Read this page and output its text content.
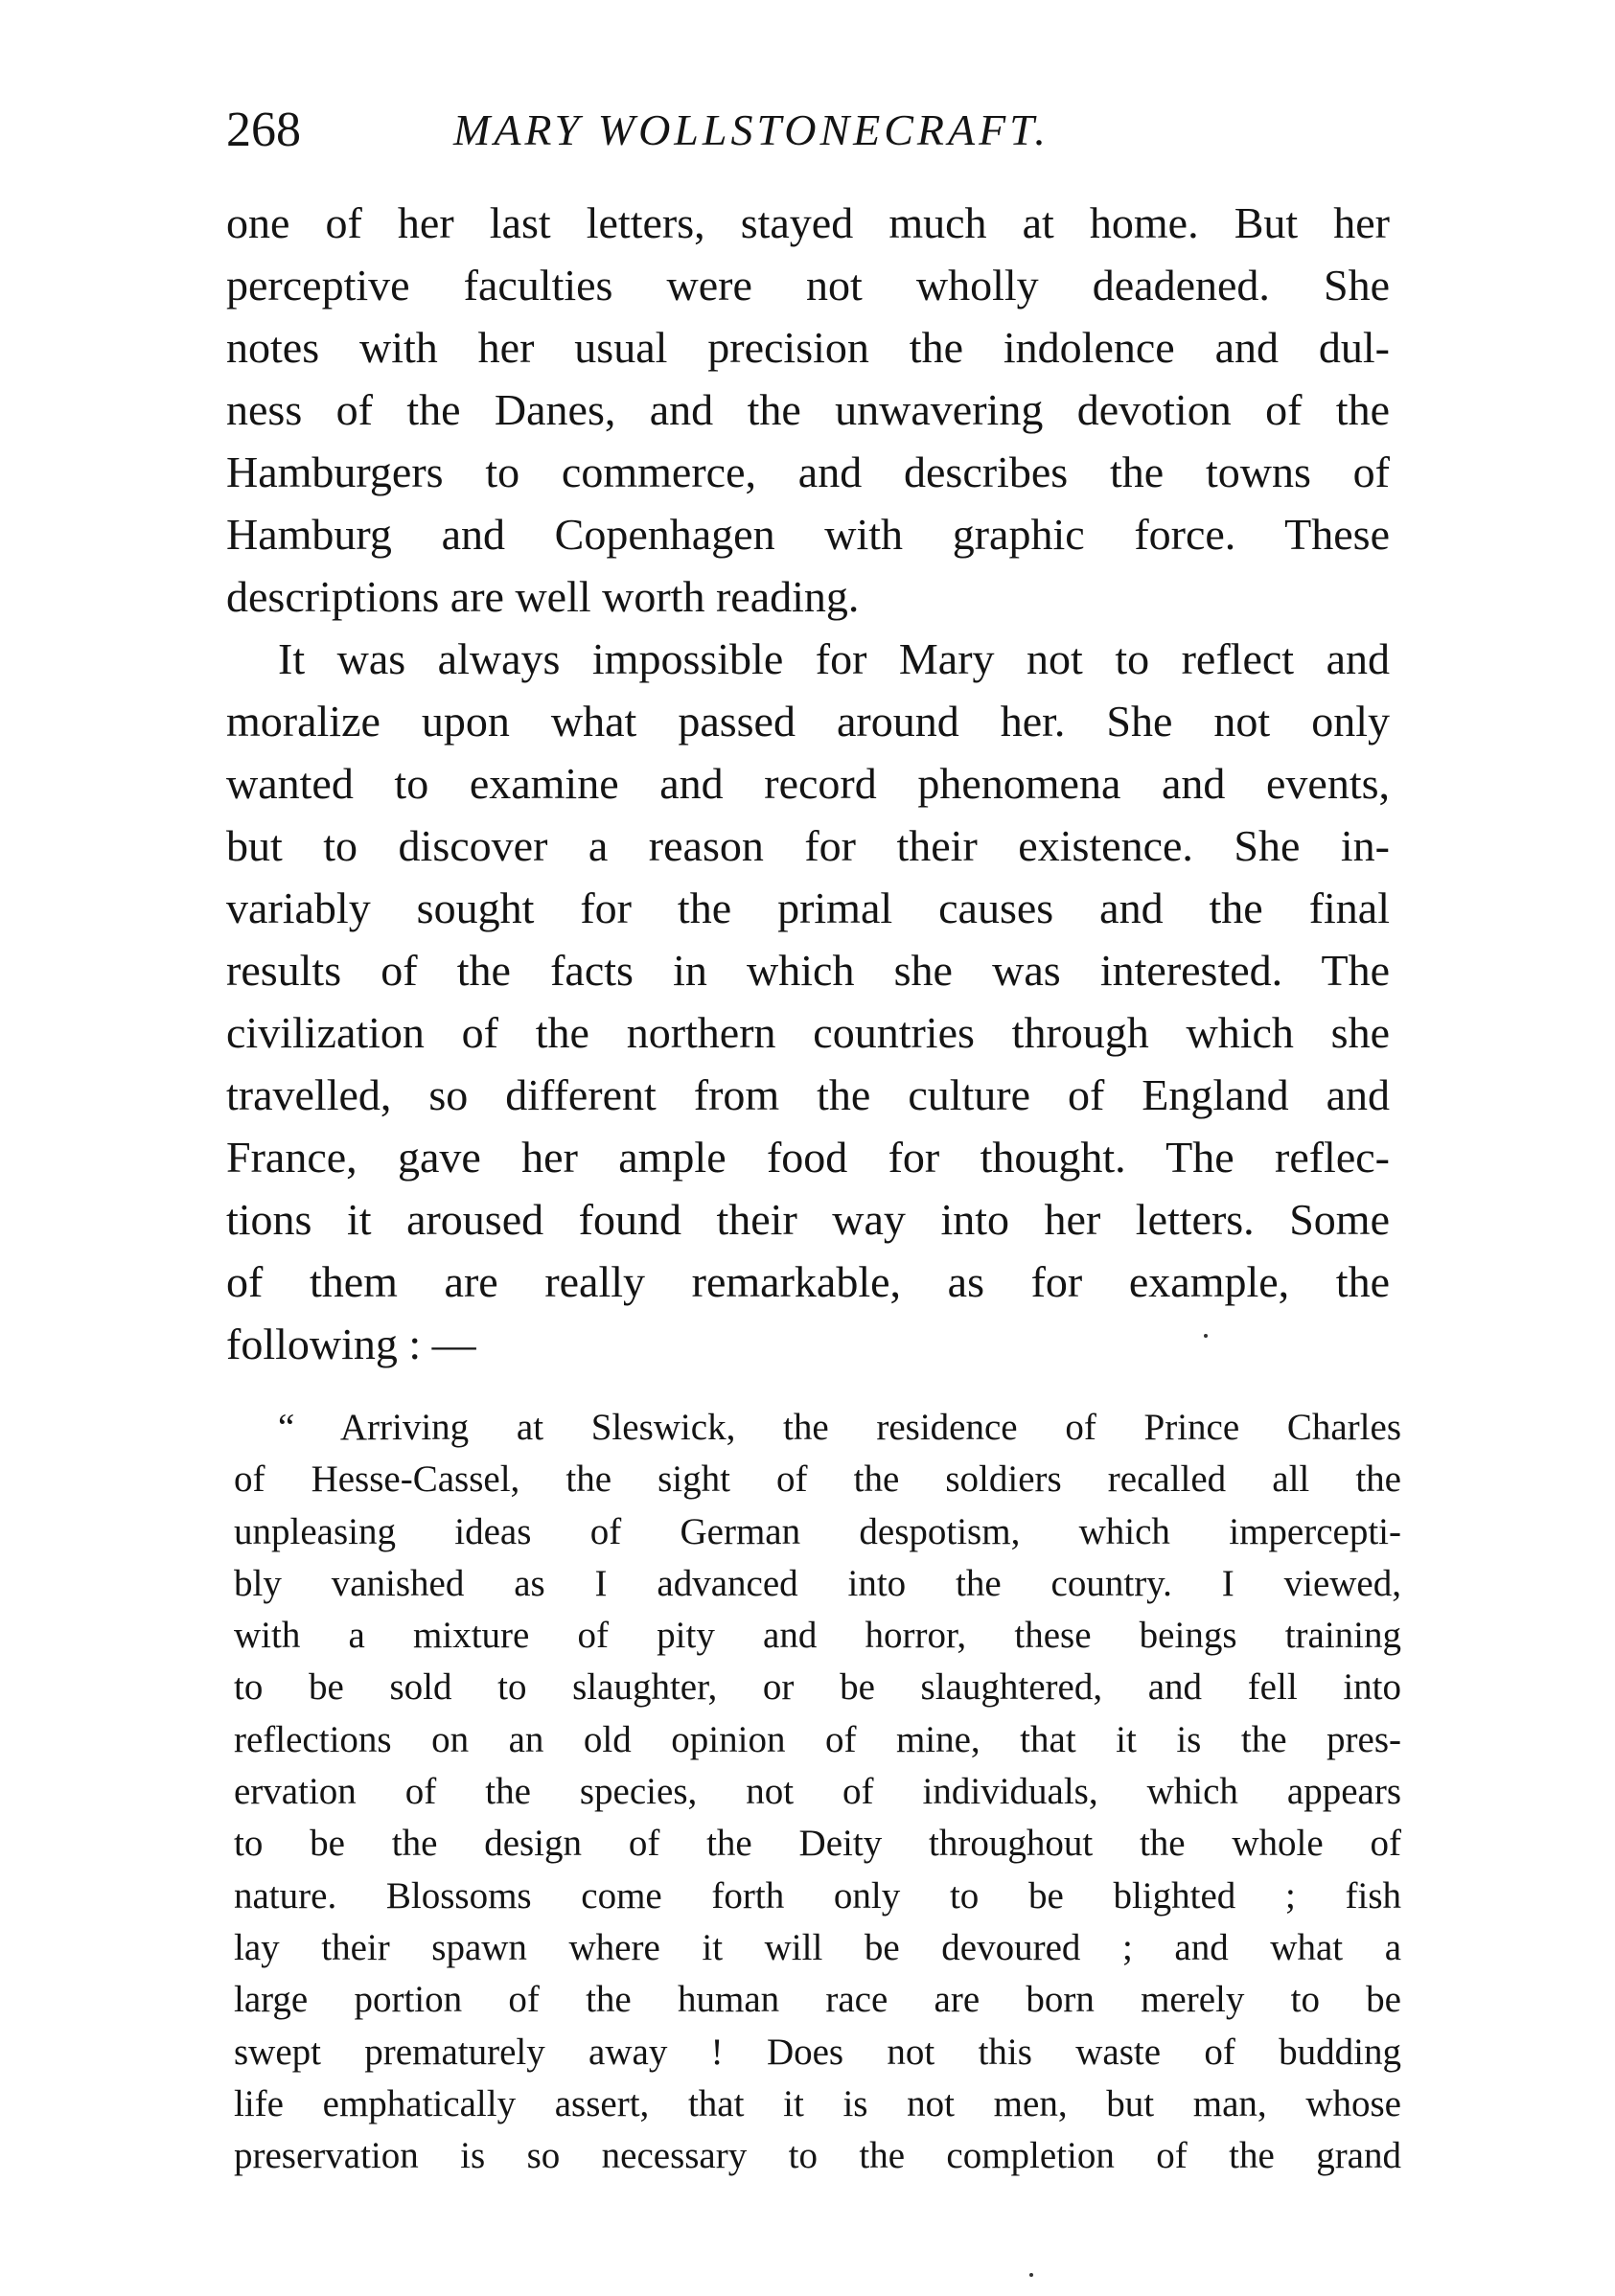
268	MARY WOLLSTONECRAFT.
one of her last letters, stayed much at home. But her
perceptive faculties were not wholly deadened. She
notes with her usual precision the indolence and dul-
ness of the Danes, and the unwavering devotion of the
Hamburgers to commerce, and describes the towns of
Hamburg and Copenhagen with graphic force. These
descriptions are well worth reading.
It was always impossible for Mary not to reflect and
moralize upon what passed around her. She not only
wanted to examine and record phenomena and events,
but to discover a reason for their existence. She in-
variably sought for the primal causes and the final
results of the facts in which she was interested. The
civilization of the northern countries through which she
travelled, so different from the culture of England and
France, gave her ample food for thought. The reflec-
tions it aroused found their way into her letters. Some
of them are really remarkable, as for example, the
following : —
“ Arriving at Sleswick, the residence of Prince Charles
of Hesse-Cassel, the sight of the soldiers recalled all the
unpleasing ideas of German despotism, which impercepti-
bly vanished as I advanced into the country. I viewed,
with a mixture of pity and horror, these beings training
to be sold to slaughter, or be slaughtered, and fell into
reflections on an old opinion of mine, that it is the pres-
ervation of the species, not of individuals, which appears
to be the design of the Deity throughout the whole of
nature. Blossoms come forth only to be blighted ; fish
lay their spawn where it will be devoured ; and what a
large portion of the human race are born merely to be
swept prematurely away ! Does not this waste of budding
life emphatically assert, that it is not men, but man, whose
preservation is so necessary to the completion of the grand
